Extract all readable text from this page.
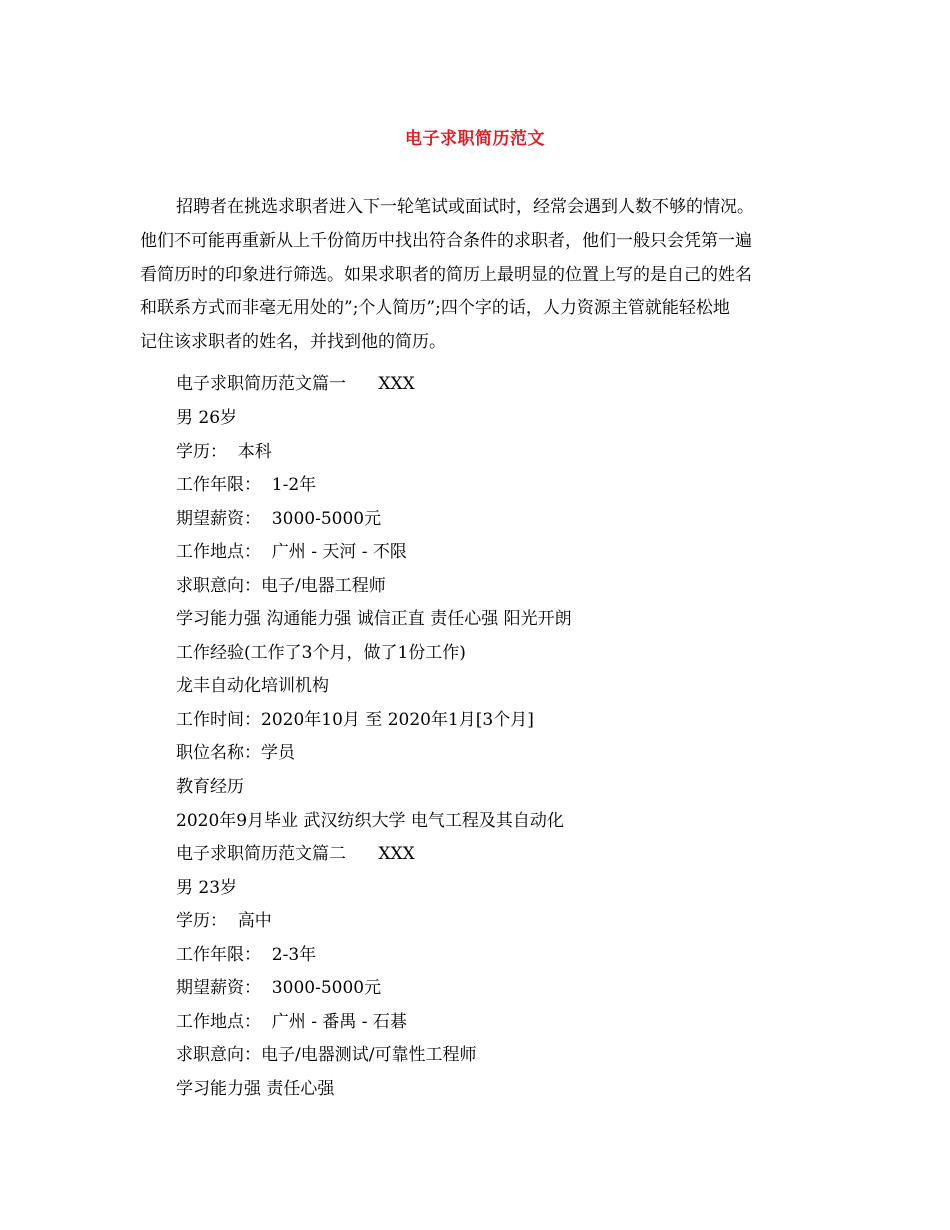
电子求职简历范文
招聘者在挑选求职者进入下一轮笔试或面试时，经常会遇到人数不够的情况。
他们不可能再重新从上千份简历中找出符合条件的求职者，他们一般只会凭第一遍
看简历时的印象进行筛选。如果求职者的简历上最明显的位置上写的是自己的姓名
和联系方式而非毫无用处的”;个人简历”;四个字的话，人力资源主管就能轻松地
记住该求职者的姓名，并找到他的简历。
电子求职简历范文篇一      XXX
男 26岁
学历：  本科
工作年限：  1-2年
期望薪资：  3000-5000元
工作地点：  广州 - 天河 - 不限
求职意向：电子/电器工程师
学习能力强 沟通能力强 诚信正直 责任心强 阳光开朗
工作经验(工作了3个月，做了1份工作)
龙丰自动化培训机构
工作时间：2020年10月 至 2020年1月[3个月]
职位名称：学员
教育经历
2020年9月毕业 武汉纺织大学 电气工程及其自动化
电子求职简历范文篇二      XXX
男 23岁
学历：  高中
工作年限：  2-3年
期望薪资：  3000-5000元
工作地点：  广州 - 番禺 - 石碁
求职意向：电子/电器测试/可靠性工程师
学习能力强 责任心强
